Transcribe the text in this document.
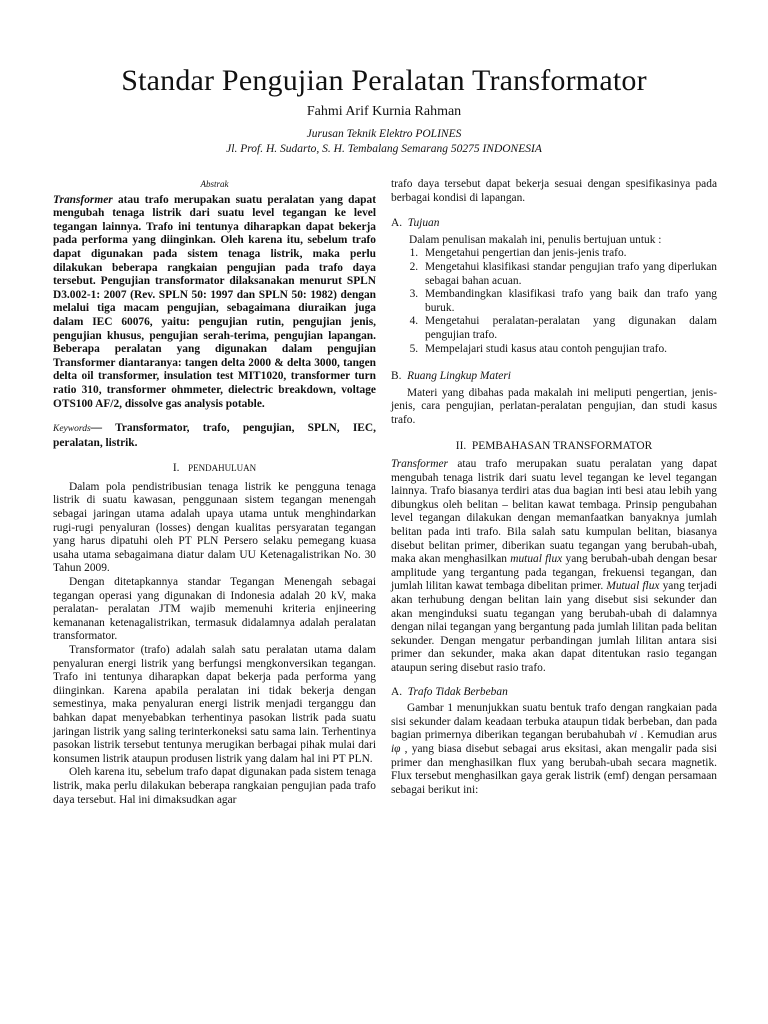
Standar Pengujian Peralatan Transformator
Fahmi Arif Kurnia Rahman
Jurusan Teknik Elektro POLINES
Jl. Prof. H. Sudarto, S. H. Tembalang Semarang 50275 INDONESIA
Abstrak

Transformer atau trafo merupakan suatu peralatan yang dapat mengubah tenaga listrik dari suatu level tegangan ke level tegangan lainnya. Trafo ini tentunya diharapkan dapat bekerja pada performa yang diinginkan. Oleh karena itu, sebelum trafo dapat digunakan pada sistem tenaga listrik, maka perlu dilakukan beberapa rangkaian pengujian pada trafo daya tersebut. Pengujian transformator dilaksanakan menurut SPLN D3.002-1: 2007 (Rev. SPLN 50: 1997 dan SPLN 50: 1982) dengan melalui tiga macam pengujian, sebagaimana diuraikan juga dalam IEC 60076, yaitu: pengujian rutin, pengujian jenis, pengujian khusus, pengujian serah-terima, pengujian lapangan. Beberapa peralatan yang digunakan dalam pengujian Transformer diantaranya: tangen delta 2000 & delta 3000, tangen delta oil transformer, insulation test MIT1020, transformer turn ratio 310, transformer ohmmeter, dielectric breakdown, voltage OTS100 AF/2, dissolve gas analysis potable.

Keywords— Transformator, trafo, pengujian, SPLN, IEC, peralatan, listrik.

I. PENDAHULUAN

Dalam pola pendistribusian tenaga listrik ke pengguna tenaga listrik di suatu kawasan, penggunaan sistem tegangan menengah sebagai jaringan utama adalah upaya utama untuk menghindarkan rugi-rugi penyaluran (losses) dengan kualitas persyaratan tegangan yang harus dipatuhi oleh PT PLN Persero selaku pemegang kuasa usaha utama sebagaimana diatur dalam UU Ketenagalistrikan No. 30 Tahun 2009.

Dengan ditetapkannya standar Tegangan Menengah sebagai tegangan operasi yang digunakan di Indonesia adalah 20 kV, maka peralatan- peralatan JTM wajib memenuhi kriteria enjineering kemananan ketenagalistrikan, termasuk didalamnya adalah peralatan transformator.

Transformator (trafo) adalah salah satu peralatan utama dalam penyaluran energi listrik yang berfungsi mengkonversikan tegangan. Trafo ini tentunya diharapkan dapat bekerja pada performa yang diinginkan. Karena apabila peralatan ini tidak bekerja dengan semestinya, maka penyaluran energi listrik menjadi terganggu dan bahkan dapat menyebabkan terhentinya pasokan listrik pada suatu jaringan listrik yang saling terinterkoneksi satu sama lain. Terhentinya pasokan listrik tersebut tentunya merugikan berbagai pihak mulai dari konsumen listrik ataupun produsen listrik yang dalam hal ini PT PLN.

Oleh karena itu, sebelum trafo dapat digunakan pada sistem tenaga listrik, maka perlu dilakukan beberapa rangkaian pengujian pada trafo daya tersebut. Hal ini dimaksudkan agar

trafo daya tersebut dapat bekerja sesuai dengan spesifikasinya pada berbagai kondisi di lapangan.

A. Tujuan

Dalam penulisan makalah ini, penulis bertujuan untuk :

1. Mengetahui pengertian dan jenis-jenis trafo.
2. Mengetahui klasifikasi standar pengujian trafo yang diperlukan sebagai bahan acuan.
3. Membandingkan klasifikasi trafo yang baik dan trafo yang buruk.
4. Mengetahui peralatan-peralatan yang digunakan dalam pengujian trafo.
5. Mempelajari studi kasus atau contoh pengujian trafo.
B. Ruang Lingkup Materi

Materi yang dibahas pada makalah ini meliputi pengertian, jenis-jenis, cara pengujian, perlatan-peralatan pengujian, dan studi kasus trafo.

II. PEMBAHASAN TRANSFORMATOR

Transformer atau trafo merupakan suatu peralatan yang dapat mengubah tenaga listrik dari suatu level tegangan ke level tegangan lainnya. Trafo biasanya terdiri atas dua bagian inti besi atau lebih yang dibungkus oleh belitan – belitan kawat tembaga. Prinsip pengubahan level tegangan dilakukan dengan memanfaatkan banyaknya jumlah belitan pada inti trafo. Bila salah satu kumpulan belitan, biasanya disebut belitan primer, diberikan suatu tegangan yang berubah-ubah, maka akan menghasilkan mutual flux yang berubah-ubah dengan besar amplitude yang tergantung pada tegangan, frekuensi tegangan, dan jumlah lilitan kawat tembaga dibelitan primer. Mutual flux yang terjadi akan terhubung dengan belitan lain yang disebut sisi sekunder dan akan menginduksi suatu tegangan yang berubah-ubah di dalamnya dengan nilai tegangan yang bergantung pada jumlah lilitan pada belitan sekunder. Dengan mengatur perbandingan jumlah lilitan antara sisi primer dan sekunder, maka akan dapat ditentukan rasio tegangan ataupun sering disebut rasio trafo.

A. Trafo Tidak Berbeban

Gambar 1 menunjukkan suatu bentuk trafo dengan rangkaian pada sisi sekunder dalam keadaan terbuka ataupun tidak berbeban, dan pada bagian primernya diberikan tegangan berubahubah vi . Kemudian arus iφ , yang biasa disebut sebagai arus eksitasi, akan mengalir pada sisi primer dan menghasilkan flux yang berubah-ubah secara magnetik. Flux tersebut menghasilkan gaya gerak listrik (emf) dengan persamaan sebagai berikut ini:
